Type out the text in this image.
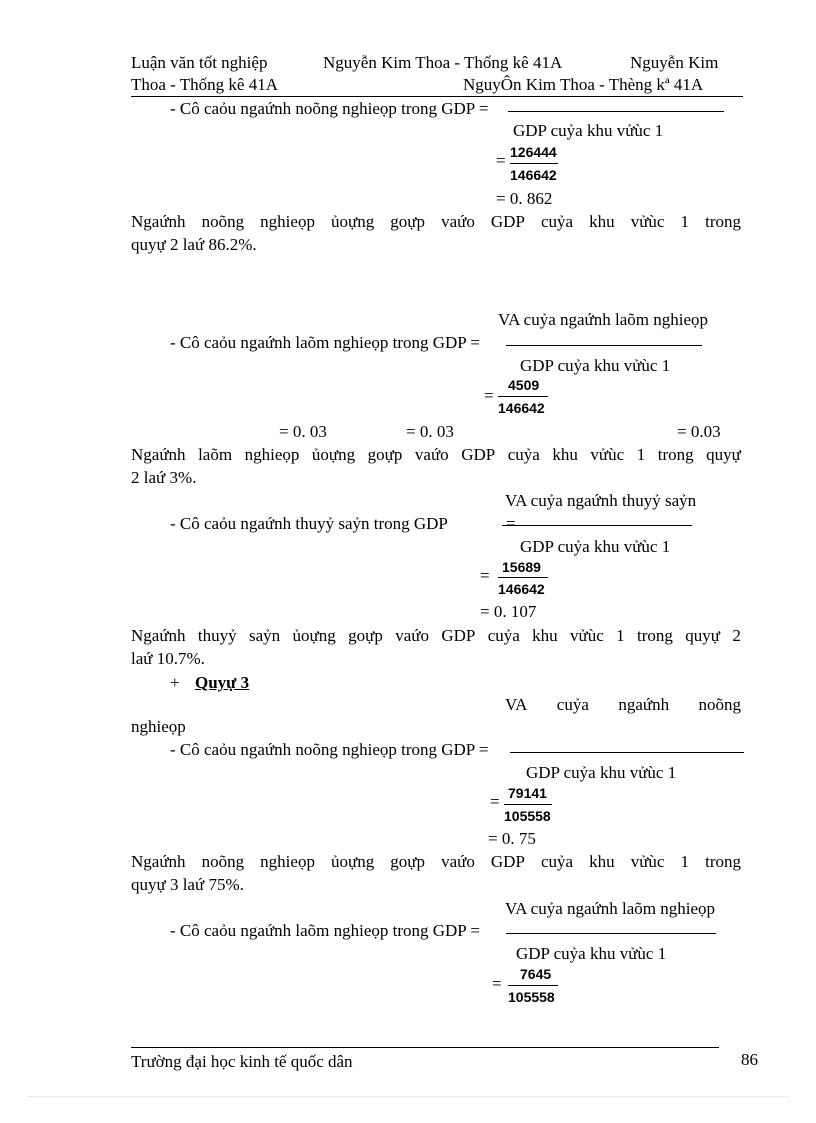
Luận văn tốt nghiệp	Nguyễn Kim Thoa - Thống kê 41A	Nguyễn Kim
Thoa - Thống kê 41A	NguyÔn Kim Thoa - Thèng kª 41A
- Cô caỏu ngaứnh noõng nghieọp trong GDP =
GDP cuỷa khu vửùc 1
= 126444
146642
= 0. 862
Ngaứnh noõng nghieọp ủoựng goựp vaứo GDP cuỷa khu vửùc 1 trong
quyự 2 laứ 86.2%.
VA cuỷa ngaứnh laõm nghieọp
- Cô caỏu ngaứnh laõm nghieọp trong GDP =
GDP cuỷa khu vửùc 1
=
4509
146642
= 0. 03	= 0. 03	= 0.03
Ngaứnh laõm nghieọp ủoựng goựp vaứo GDP cuỷa khu vửùc 1 trong quyự
2 laứ 3%.
VA cuỷa ngaứnh thuyỷ saỷn
- Cô caỏu ngaứnh thuyỷ saỷn trong GDP	=
GDP cuỷa khu vửùc 1
= 15689
146642
= 0. 107
Ngaứnh thuyỷ saỷn ủoựng goựp vaứo GDP cuỷa khu vửùc 1 trong quyự 2
laứ 10.7%.
+ Quyự 3
VA cuỷa ngaứnh noõng
nghieọp
- Cô caỏu ngaứnh noõng nghieọp trong GDP =
GDP cuỷa khu vửùc 1
= 79141
105558
= 0. 75
Ngaứnh noõng nghieọp ủoựng goựp vaứo GDP cuỷa khu vửùc 1 trong
quyự 3 laứ 75%.
VA cuỷa ngaứnh laõm nghieọp
- Cô caỏu ngaứnh laõm nghieọp trong GDP =
GDP cuỷa khu vửùc 1
= 7645
105558
Trường đại học kinh tế quốc dân	86
